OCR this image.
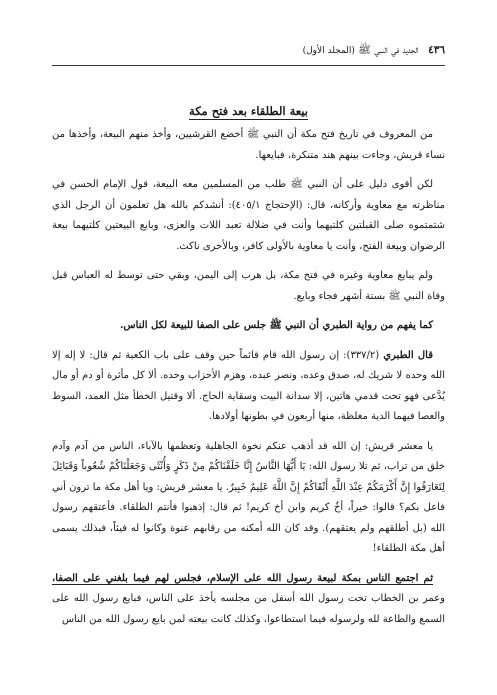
٤٣٦ الجديد في النبي ﷺ (المجلد الأول)
بيعة الطلقاء بعد فتح مكة

من المعروف في تاريخ فتح مكة أن النبي ﷺ أخضع القرشيين، وأخذ منهم البيعة، وأخذها من نساء قريش، وجاءت بينهم هند متنكرة، فبايعها.

لكن أقوى دليل على أن النبي ﷺ طلب من المسلمين معه البيعة، قول الإمام الحسن في مناظرته مع معاوية وأركانه، قال: (الإحتجاج ٤٠٥/١): أنشدكم بالله هل تعلمون أن الرجل الذي شتمتموه صلى القبلتين كلتيهما وأنت في ضلالة تعبد اللات والعزى، وبايع البيعتين كلتيهما بيعة الرضوان وبيعة الفتح، وأنت يا معاوية بالأولى كافر، وبالأخرى ناكث.

ولم يبايع معاوية وغيره في فتح مكة، بل هرب إلى اليمن، وبقي حتى توسط له العباس قبل وفاة النبي ﷺ بستة أشهر فجاء وبايع.

كما يفهم من رواية الطبري أن النبي ﷺ جلس على الصفا للبيعة لكل الناس.

قال الطبري (٣٣٧/٢): إن رسول الله قام قائماً حين وقف على باب الكعبة ثم قال: لا إله إلا الله وحده لا شريك له، صدق وعده، ونصر عبده، وهزم الأحزاب وحده. ألا كل مأثرة أو دم أو مال يُدَّعى فهو تحت قدمي هاتين، إلا سدانة البيت وسقاية الحاج. ألا وقتيل الخطأ مثل العمد، السوط والعصا فيهما الدية مغلظة، منها أربعون في بطونها أولادها.

يا معشر قريش: إن الله قد أذهب عنكم نخوة الجاهلية وتعظمها بالآباء، الناس من آدم وآدم خلق من تراب، ثم تلا رسول الله: يَا أَيُّهَا النَّاسُ إِنَّا خَلَقْنَاكُمْ مِنْ ذَكَرٍ وَأُنْثَى وَجَعَلْنَاكُمْ شُعُوباً وَقَبَائِلَ لِتَعَارَفُوا إِنَّ أَكْرَمَكُمْ عِنْدَ اللَّهِ أَتْقَاكُمْ إِنَّ اللَّهَ عَلِيمٌ خَبِيرٌ. يا معشر قريش: ويا أهل مكة ما ترون أني فاعل بكم؟ قالوا: خيراً، أخٌ كريم وابن أخ كريم! ثم قال: إذهبوا فأنتم الطلقاء. فأعتقهم رسول الله (بل أطلقهم ولم يعتقهم). وقد كان الله أمكنه من رقابهم عنوة وكانوا له فيئاً، فبذلك يسمى أهل مكة الطلقاء!

ثم اجتمع الناس بمكة لبيعة رسول الله على الإسلام، فجلس لهم فيما بلغني على الصفا، وعمر بن الخطاب تحت رسول الله أسفل من مجلسه يأخذ على الناس، فبايع رسول الله على السمع والطاعة لله ولرسوله فيما استطاعوا، وكذلك كانت بيعته لمن بايع رسول الله من الناس
